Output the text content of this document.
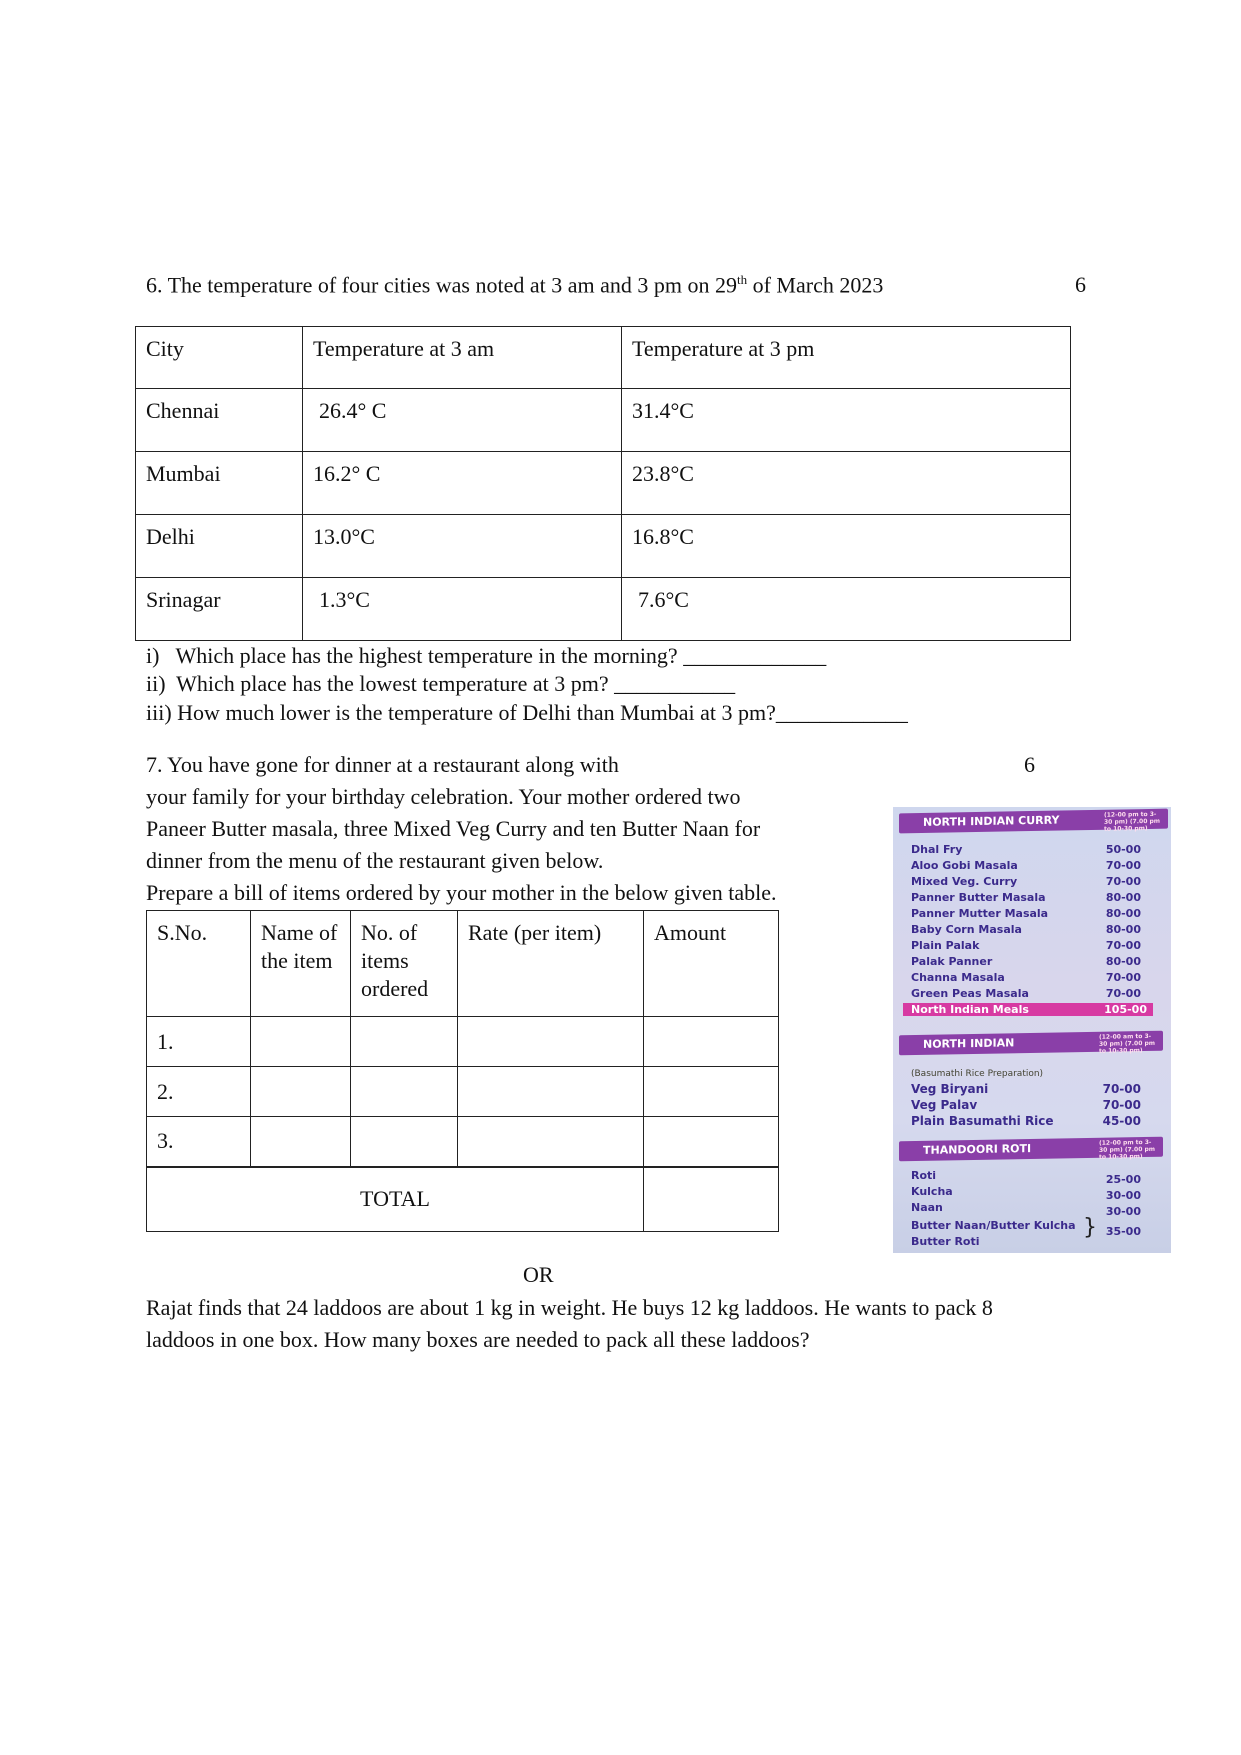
6. The temperature of four cities was noted at 3 am and 3 pm on 29th of March 2023	6
City	Temperature at 3 am	Temperature at 3 pm
Chennai	26.4° C	31.4°C
Mumbai	16.2° C	23.8°C
Delhi	13.0°C	16.8°C
Srinagar	1.3°C	7.6°C
i)   Which place has the highest temperature in the morning? _____________
ii)  Which place has the lowest temperature at 3 pm? ___________
iii) How much lower is the temperature of Delhi than Mumbai at 3 pm?____________
7. You have gone for dinner at a restaurant along with	6
your family for your birthday celebration. Your mother ordered two
Paneer Butter masala, three Mixed Veg Curry and ten Butter Naan for
dinner from the menu of the restaurant given below.
Prepare a bill of items ordered by your mother in the below given table.
S.No.	Name of the item	No. of items ordered	Rate (per item)	Amount
1.				
2.				
3.				
TOTAL				
NORTH INDIAN CURRY	(12-00 pm to 3-30 pm) (7.00 pm to 10-30 pm)
Dhal Fry	50-00
Aloo Gobi Masala	70-00
Mixed Veg. Curry	70-00
Panner Butter Masala	80-00
Panner Mutter Masala	80-00
Baby Corn Masala	80-00
Plain Palak	70-00
Palak Panner	80-00
Channa Masala	70-00
Green Peas Masala	70-00
North Indian Meals	105-00
NORTH INDIAN	(12-00 am to 3-30 pm) (7.00 pm to 10-30 pm)
(Basumathi Rice Preparation)
Veg Biryani	70-00
Veg Palav	70-00
Plain Basumathi Rice	45-00
THANDOORI ROTI	(12-00 pm to 3-30 pm) (7.00 pm to 10-30 pm)
Roti	25-00
Kulcha	30-00
Naan	30-00
Butter Naan/Butter Kulcha	35-00
Butter Roti
}
OR
Rajat finds that 24 laddoos are about 1 kg in weight. He buys 12 kg laddoos. He wants to pack 8
laddoos in one box. How many boxes are needed to pack all these laddoos?
